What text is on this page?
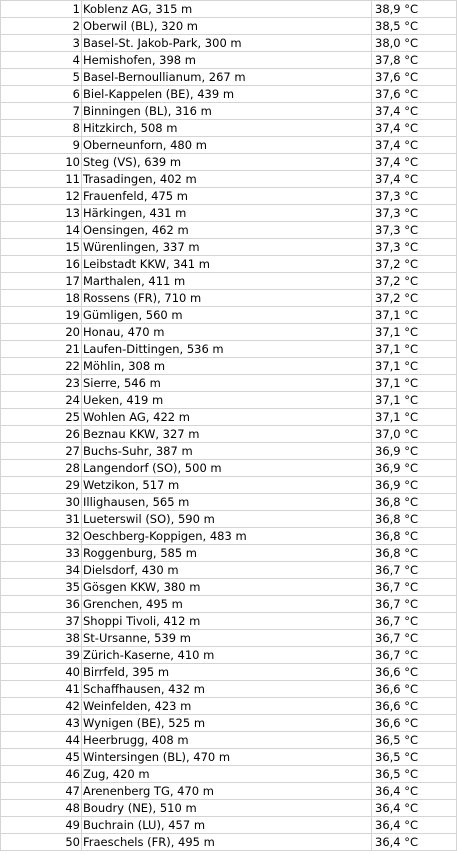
1	Koblenz AG, 315 m	38,9 °C
2	Oberwil (BL), 320 m	38,5 °C
3	Basel-St. Jakob-Park, 300 m	38,0 °C
4	Hemishofen, 398 m	37,8 °C
5	Basel-Bernoullianum, 267 m	37,6 °C
6	Biel-Kappelen (BE), 439 m	37,6 °C
7	Binningen (BL), 316 m	37,4 °C
8	Hitzkirch, 508 m	37,4 °C
9	Oberneunforn, 480 m	37,4 °C
10	Steg (VS), 639 m	37,4 °C
11	Trasadingen, 402 m	37,4 °C
12	Frauenfeld, 475 m	37,3 °C
13	Härkingen, 431 m	37,3 °C
14	Oensingen, 462 m	37,3 °C
15	Würenlingen, 337 m	37,3 °C
16	Leibstadt KKW, 341 m	37,2 °C
17	Marthalen, 411 m	37,2 °C
18	Rossens (FR), 710 m	37,2 °C
19	Gümligen, 560 m	37,1 °C
20	Honau, 470 m	37,1 °C
21	Laufen-Dittingen, 536 m	37,1 °C
22	Möhlin, 308 m	37,1 °C
23	Sierre, 546 m	37,1 °C
24	Ueken, 419 m	37,1 °C
25	Wohlen AG, 422 m	37,1 °C
26	Beznau KKW, 327 m	37,0 °C
27	Buchs-Suhr, 387 m	36,9 °C
28	Langendorf (SO), 500 m	36,9 °C
29	Wetzikon, 517 m	36,9 °C
30	Illighausen, 565 m	36,8 °C
31	Lueterswil (SO), 590 m	36,8 °C
32	Oeschberg-Koppigen, 483 m	36,8 °C
33	Roggenburg, 585 m	36,8 °C
34	Dielsdorf, 430 m	36,7 °C
35	Gösgen KKW, 380 m	36,7 °C
36	Grenchen, 495 m	36,7 °C
37	Shoppi Tivoli, 412 m	36,7 °C
38	St-Ursanne, 539 m	36,7 °C
39	Zürich-Kaserne, 410 m	36,7 °C
40	Birrfeld, 395 m	36,6 °C
41	Schaffhausen, 432 m	36,6 °C
42	Weinfelden, 423 m	36,6 °C
43	Wynigen (BE), 525 m	36,6 °C
44	Heerbrugg, 408 m	36,5 °C
45	Wintersingen (BL), 470 m	36,5 °C
46	Zug, 420 m	36,5 °C
47	Arenenberg TG, 470 m	36,4 °C
48	Boudry (NE), 510 m	36,4 °C
49	Buchrain (LU), 457 m	36,4 °C
50	Fraeschels (FR), 495 m	36,4 °C
